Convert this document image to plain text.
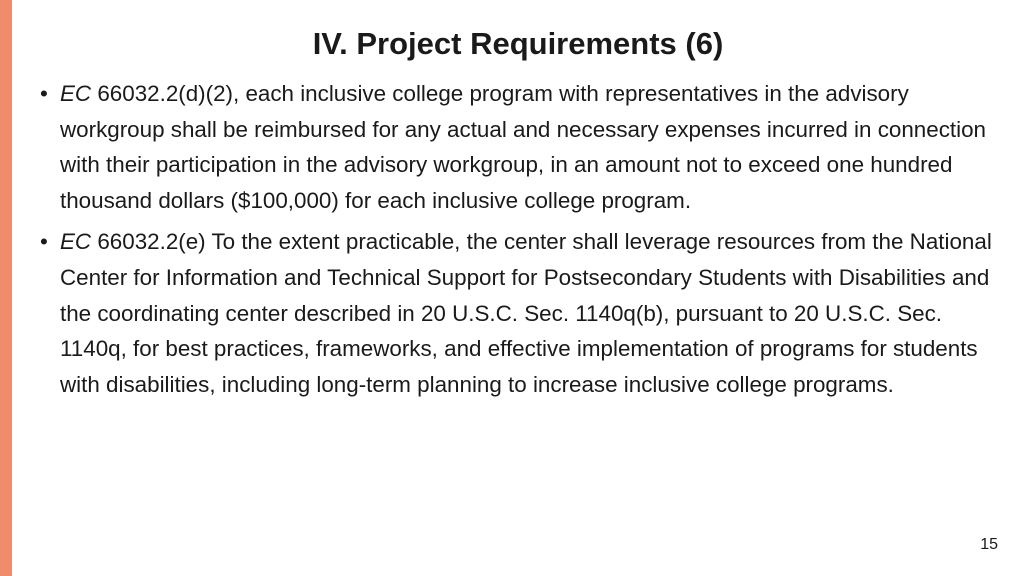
IV. Project Requirements (6)
• EC 66032.2(d)(2), each inclusive college program with representatives in the advisory workgroup shall be reimbursed for any actual and necessary expenses incurred in connection with their participation in the advisory workgroup, in an amount not to exceed one hundred thousand dollars ($100,000) for each inclusive college program.
• EC 66032.2(e) To the extent practicable, the center shall leverage resources from the National Center for Information and Technical Support for Postsecondary Students with Disabilities and the coordinating center described in 20 U.S.C. Sec. 1140q(b), pursuant to 20 U.S.C. Sec. 1140q, for best practices, frameworks, and effective implementation of programs for students with disabilities, including long-term planning to increase inclusive college programs.
15
